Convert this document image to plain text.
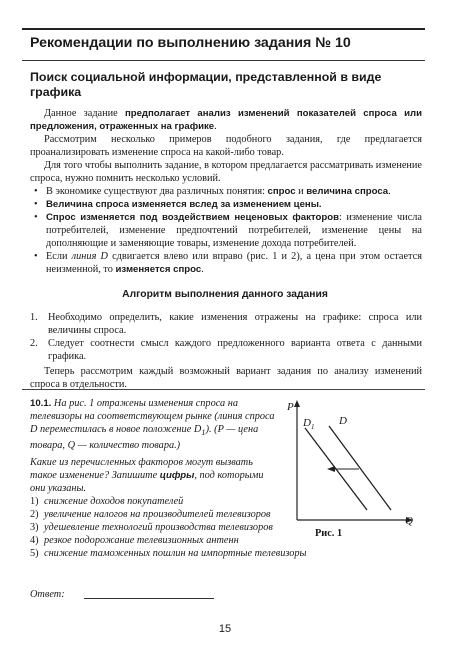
Рекомендации по выполнению задания № 10
Поиск социальной информации, представленной в виде графика

Данное задание предполагает анализ изменений показателей спроса или предложения, отраженных на графике.

Рассмотрим несколько примеров подобного задания, где предлагается проанализировать изменение спроса на какой-либо товар.

Для того чтобы выполнить задание, в котором предлагается рассматривать изменение спроса, нужно помнить несколько условий.

• В экономике существуют два различных понятия: спрос и величина спроса.
• Величина спроса изменяется вслед за изменением цены.
• Спрос изменяется под воздействием неценовых факторов: изменение числа потребителей, изменение предпочтений потребителей, изменение цены на дополняющие и заменяющие товары, изменение дохода потребителей.
• Если линия D сдвигается влево или вправо (рис. 1 и 2), а цена при этом остается неизменной, то изменяется спрос.
Алгоритм выполнения данного задания
1. Необходимо определить, какие изменения отражены на графике: спроса или величины спроса.
2. Следует соотнести смысл каждого предложенного варианта ответа с данными графика.
Теперь рассмотрим каждый возможный вариант задания по анализу изменений спроса в отдельности.

10.1. На рис. 1 отражены изменения спроса на телевизоры на соответствующем рынке (линия спроса D переместилась в новое положение $D_1$). (P — цена товара, Q — количество товара.)

Какие из перечисленных факторов могут вызвать такое изменение? Запишите цифры, под которыми они указаны.

1) снижение доходов покупателей
2) увеличение налогов на производителей телевизоров
3) удешевление технологий производства телевизоров
4) резкое подорожание телевизионных антенн
5) снижение таможенных пошлин на импортные телевизоры
Ответ:
P
Q
$D_1$ D
Рис. 1
15
